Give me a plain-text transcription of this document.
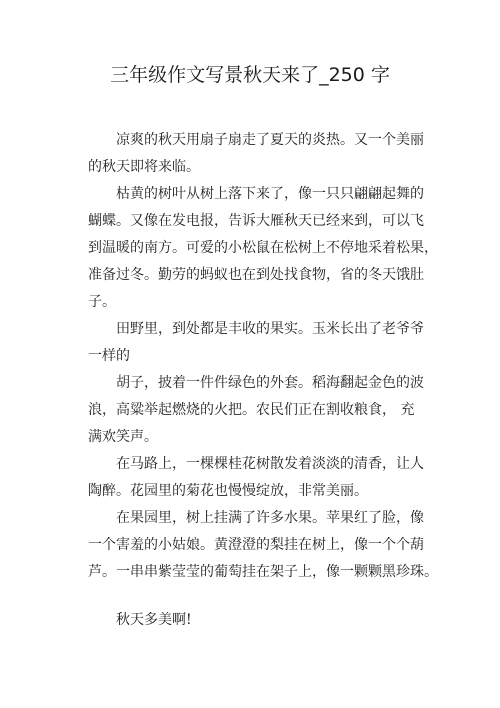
三年级作文写景秋天来了_250 字
凉爽的秋天用扇子扇走了夏天的炎热。又一个美丽
的秋天即将来临。
枯黄的树叶从树上落下来了，像一只只翩翩起舞的
蝴蝶。又像在发电报，告诉大雁秋天已经来到，可以飞
到温暖的南方。可爱的小松鼠在松树上不停地采着松果，
准备过冬。勤劳的蚂蚁也在到处找食物，省的冬天饿肚
子。
田野里，到处都是丰收的果实。玉米长出了老爷爷
一样的
胡子，披着一件件绿色的外套。稻海翻起金色的波
浪，高粱举起燃烧的火把。农民们正在割收粮食， 充
满欢笑声。
在马路上，一棵棵桂花树散发着淡淡的清香，让人
陶醉。花园里的菊花也慢慢绽放，非常美丽。
在果园里，树上挂满了许多水果。苹果红了脸，像
一个害羞的小姑娘。黄澄澄的梨挂在树上，像一个个葫
芦。一串串紫莹莹的葡萄挂在架子上，像一颗颗黑珍珠。
秋天多美啊!
